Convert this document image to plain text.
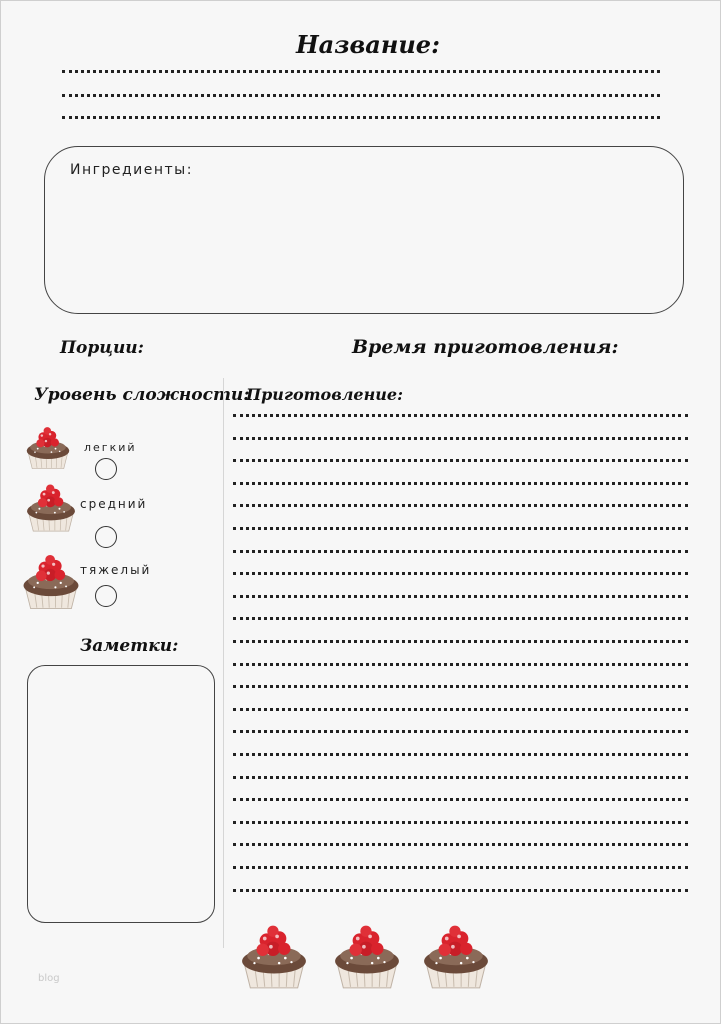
Название:
Ингредиенты:
Порции:	Время приготовления:
Уровень сложности:
легкий
средний
тяжелый
Заметки:
Приготовление:
blog
